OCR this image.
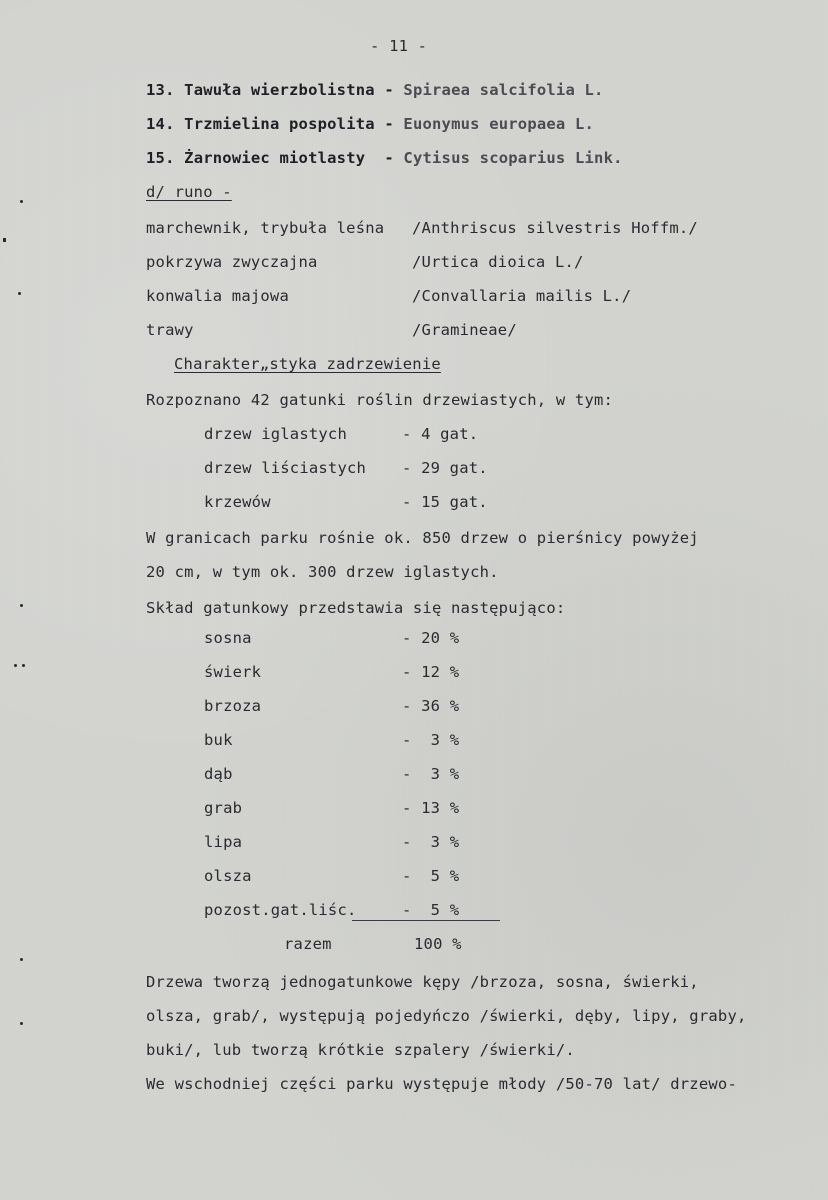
- 11 -
13. Tawuła wierzbolistna - Spiraea salcifolia L.
14. Trzmielina pospolita - Euonymus europaea L.
15. Żarnowiec miotlasty  - Cytisus scoparius Link.
d/ runo -
marchewnik, trybuła leśna /Anthriscus silvestris Hoffm./
pokrzywa zwyczajna	/Urtica dioica L./
konwalia majowa	/Convallaria mailis L./
trawy	/Gramineae/
Charakter„styka zadrzewienie
Rozpoznano 42 gatunki roślin drzewiastych, w tym:
drzew iglastych	- 4 gat.
drzew liściastych - 29 gat.
krzewów	- 15 gat.
W granicach parku rośnie ok. 850 drzew o pierśnicy powyżej
20 cm, w tym ok. 300 drzew iglastych.
Skład gatunkowy przedstawia się następująco:
sosna	- 20 %
świerk	- 12 %
brzoza	- 36 %
buk	-  3 %
dąb	-  3 %
grab	- 13 %
lipa	-  3 %
olsza	-  5 %
pozost.gat.liśc.	-  5 %
razem	100 %
Drzewa tworzą jednogatunkowe kępy /brzoza, sosna, świerki,
olsza, grab/, występują pojedyńczo /świerki, dęby, lipy, graby,
buki/, lub tworzą krótkie szpalery /świerki/.
We wschodniej części parku występuje młody /50-70 lat/ drzewo-
